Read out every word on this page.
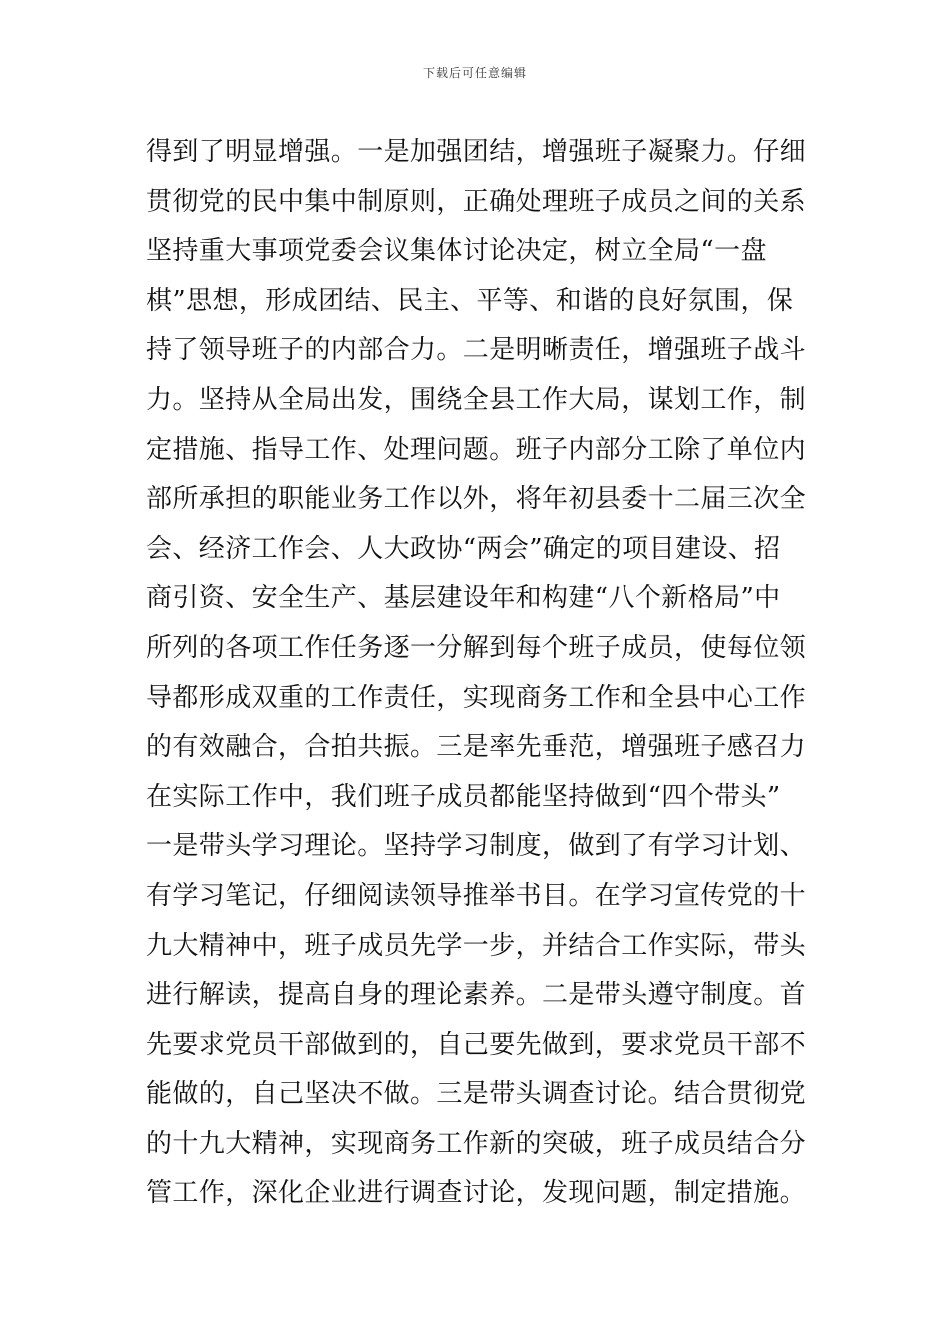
下载后可任意编辑
得到了明显增强。一是加强团结，增强班子凝聚力。仔细
贯彻党的民中集中制原则，正确处理班子成员之间的关系
坚持重大事项党委会议集体讨论决定，树立全局“一盘
棋”思想，形成团结、民主、平等、和谐的良好氛围，保
持了领导班子的内部合力。二是明晰责任，增强班子战斗
力。坚持从全局出发，围绕全县工作大局，谋划工作，制
定措施、指导工作、处理问题。班子内部分工除了单位内
部所承担的职能业务工作以外，将年初县委十二届三次全
会、经济工作会、人大政协“两会”确定的项目建设、招
商引资、安全生产、基层建设年和构建“八个新格局”中
所列的各项工作任务逐一分解到每个班子成员，使每位领
导都形成双重的工作责任，实现商务工作和全县中心工作
的有效融合，合拍共振。三是率先垂范，增强班子感召力
在实际工作中，我们班子成员都能坚持做到“四个带头”
一是带头学习理论。坚持学习制度，做到了有学习计划、
有学习笔记，仔细阅读领导推举书目。在学习宣传党的十
九大精神中，班子成员先学一步，并结合工作实际，带头
进行解读，提高自身的理论素养。二是带头遵守制度。首
先要求党员干部做到的，自己要先做到，要求党员干部不
能做的，自己坚决不做。三是带头调查讨论。结合贯彻党
的十九大精神，实现商务工作新的突破，班子成员结合分
管工作，深化企业进行调查讨论，发现问题，制定措施。
